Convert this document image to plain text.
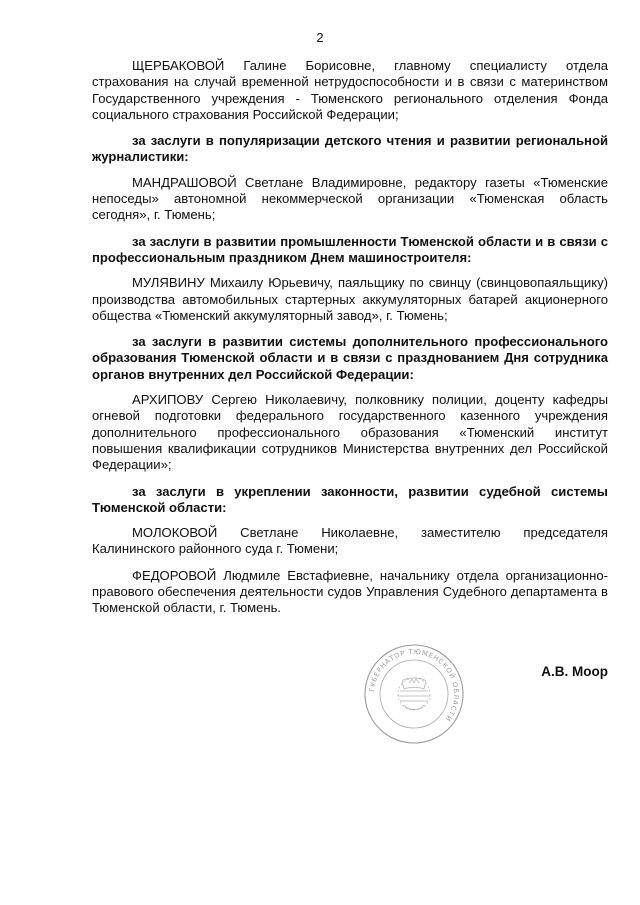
2

ЩЕРБАКОВОЙ Галине Борисовне, главному специалисту отдела страхования на случай временной нетрудоспособности и в связи с материнством Государственного учреждения - Тюменского регионального отделения Фонда социального страхования Российской Федерации;

за заслуги в популяризации детского чтения и развитии региональной журналистики:

МАНДРАШОВОЙ Светлане Владимировне, редактору газеты «Тюменские непоседы» автономной некоммерческой организации «Тюменская область сегодня», г. Тюмень;

за заслуги в развитии промышленности Тюменской области и в связи с профессиональным праздником Днем машиностроителя:

МУЛЯВИНУ Михаилу Юрьевичу, паяльщику по свинцу (свинцовопаяльщику) производства автомобильных стартерных аккумуляторных батарей акционерного общества «Тюменский аккумуляторный завод», г. Тюмень;

за заслуги в развитии системы дополнительного профессионального образования Тюменской области и в связи с празднованием Дня сотрудника органов внутренних дел Российской Федерации:

АРХИПОВУ Сергею Николаевичу, полковнику полиции, доценту кафедры огневой подготовки федерального государственного казенного учреждения дополнительного профессионального образования «Тюменский институт повышения квалификации сотрудников Министерства внутренних дел Российской Федерации»;

за заслуги в укреплении законности, развитии судебной системы Тюменской области:

МОЛОКОВОЙ Светлане Николаевне, заместителю председателя Калининского районного суда г. Тюмени;

ФЕДОРОВОЙ Людмиле Евстафиевне, начальнику отдела организационно-правового обеспечения деятельности судов Управления Судебного департамента в Тюменской области, г. Тюмень.

ГУБЕРНАТОР ТЮМЕНСКОЙ ОБЛАСТИ
А.В. Моор
